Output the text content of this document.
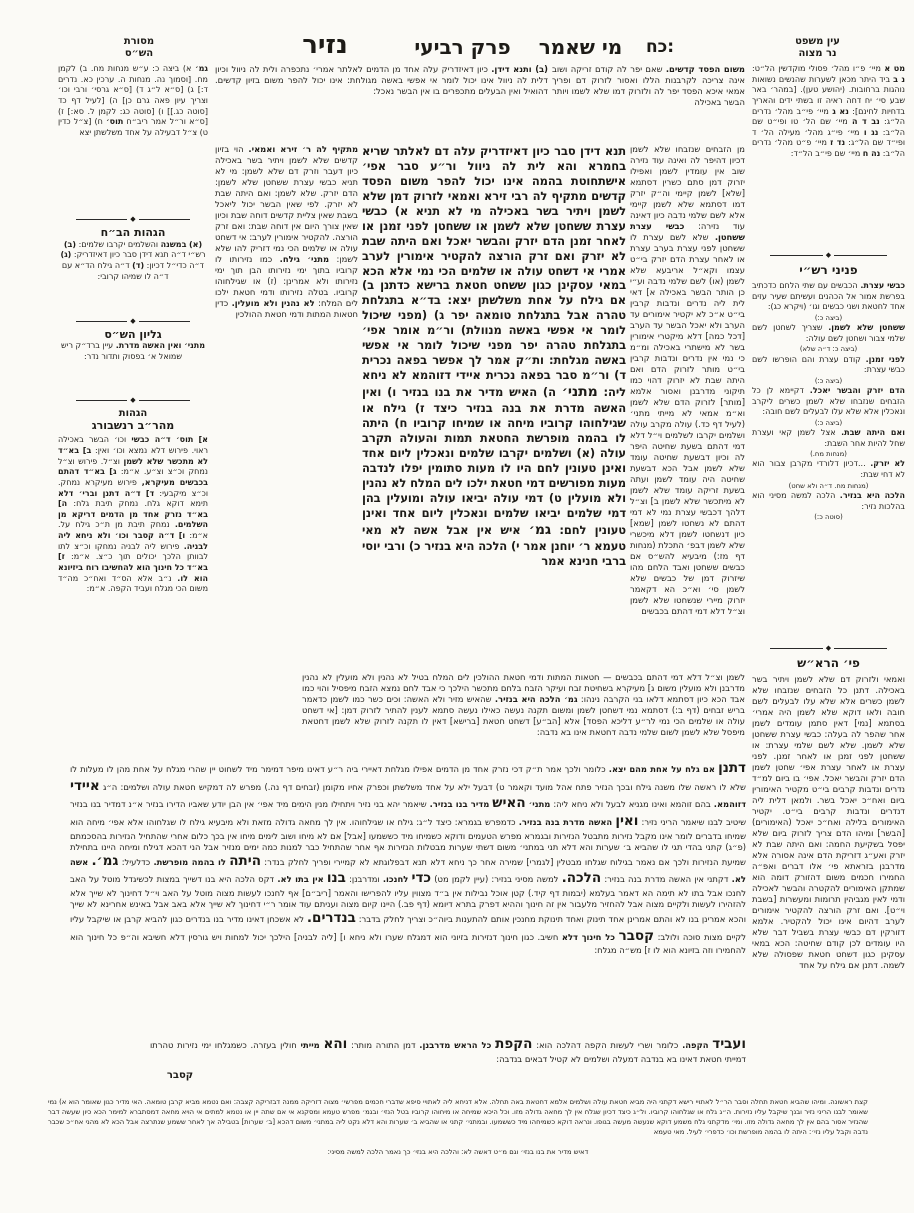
מסורת
הש״ס
עין משפט
נר מצוה
נזיר	פרק רביעי	מי שאמר	כח:
גמ׳ א) ביצה כ: ע״ש מנחות מח. ב) לקמן מח. [וסמוך נה. מנחות ה. ערכין כא. נדרים ד:] ג) [ס״א ל״ג ד) [ס״א גרסי׳ ורבי וכו׳ וצריך עיון פאה גרם כן] ה) [לעיל דף כד [סוטה כג.]] ו) [סוטה כג: לקמן ל. סא:] ז) [ס״א ור״ל אמר ריב״ח תוס׳ ח) [צ״ל כדין ט) צ״ל דבעילה על אחד משלשתן יצא
◆
הגהות הב״ח
(א) במשנה והשלמים יקרבו שלמים: (ב) רש״י ד״ה תנא דידן סבר כיון דאיזדריק: (ג) ד״ה כדי״ל דכיון: (ד) ד״ה גילח הד״א עם ד״ה לו שמיהו קרובי:
◆
גליון הש״ס
מתני׳ ואין האשה מדרת. עיין ברד״ק ריש שמואל א׳ בפסוק ותדור נדר:
◆
הגהות
מהר״ב רנשבורג
א] תוס׳ ד״ה כבשי וכו׳ הבשר באכילה ראוי. פירוש דלא נמצא וכו׳ ואין: ב] בא״ד לא מתכשר שלא לשמן וצ״ל. פירוש וצ״ל נמחק וכ״צ וצ״ע. א״מ: ג] בא״ד דהתם בכבשים מעיקרא, פירוש מעיקרא נמחק. וכ״צ מיקבעי: ד] ד״ה דתנן וברי׳ דלא תימא דוקא גלח. נמחק תיבת גלח: ה] בא״ד נזרק אחד מן הדמים דריקא מן השלמים. נמחק תיבת מן ת״כ גילח על. א״מ: ו] ד״ה קסבר וכו׳ ולא ניחא ליה לבניה. פירוש ליה לבניה נמחקו וכ״צ לתו לבוותן הלכך יכולים תוך כ״צ. א״מ: ז] בא״ד כל חינוך הוא להחשיבו רוח ביזיונא הוא לו. נ״ב אלא הס״ד ואח״כ מה״ד משום הכי מגלח ועביד הקפה. א״מ:
מט א מיי׳ פ״ו מהל׳ פסולי מוקדשין הל״ט: נ ב ביד היתר מכאן לשערות שהנשים נשואות נוהגות ברחובות. (יהושע טען). [במהר׳ באר שבע סי׳ יח דחה ראיה זו בשתי ידים והאריך בדחיות לחינם]: נא ג מיי׳ פי״ב מהל׳ נדרים הל״ג: נב ד ה מיי׳ שם הל׳ טו ופי״ט שם הל״ב: נג ו מיי׳ פי״ג מהל׳ מעילה הל׳ ד ופי״ד שם הל״ג: נד ז מיי׳ פ״ט מהל׳ נדרים הל״ב: נה ח מיי׳ שם פי״ב הל״ד:
◆
פניני רש״י
כבשי עצרת. הכבשים עם שתי הלחם כדכתיב בפרשת אמור אל הכהנים ועשיתם שעיר עזים אחד לחטאת ושני כבשים וגו׳ (ויקרא כג):
(ביצה כ:)
ששחטן שלא לשמן. שצריך לשחטן לשם שלמי צבור ושחטן לשם עולה:
(ביצה כ: ד״ה שלא)
לפני זמנן. קודם עצרת והם הופרשו לשם כבשי עצרת:
(ביצה כ:)
הדם יזרק והבשר יאכל. דקיימא לן כל הזבחים שנזבחו שלא לשמן כשרים ליקרב ונאכלין אלא שלא עלו לבעלים לשם חובה:
(ביצה כ:)
ואם היתה שבת. אצל לשמן קאי ועצרת שחל להיות אחר השבת:
(מנחות מח.)
לא יזרק. ...דכיון דלורדי מקרבן צבור הוא לא דחי שבת:
(מנחות מח. ד״ה ולא שחט)
הלכה היא בנזיר. הלכה למשה מסיני הוא בהלכות נזיר:
(סוטה כ:)
◆
פי׳ הרא״ש
ואמאי ולזרוק דם שלא לשמן ויתיר בשר באכילה. דתנן כל הזבחים שנזבחו שלא לשמן כשרים אלא שלא עלו לבעלים לשם חובה ולאו דוקא שלא לשמן היה אמרי׳ בסתמא [נמי] דאין סתמן עומדים לשמן אחר שהפר לה בעלה: כבשי עצרת ששחטן שלא לשמן. שלא לשם שלמי עצרת: או ששחטן לפני זמנן או לאחר זמנן. לפני עצרת או לאחר עצרת אפי׳ שחטן לשמן הדם יזרק והבשר יאכל. אפי׳ בו ביום למ״ד נדרים ונדבות קרבים בי״ט מקטיר האימורין ביום ואח״כ יאכל בשר. ולמאן דלית ליה דנדרים ונדבות קרבים בי״ט. יקטיר האימורים בלילה ואח״כ יאכל (האימורים) [הבשר] ומיהו הדם צריך לזרוק ביום שלא יפסל בשקיעת החמה: ואם היתה שבת לא יזרק ואע״ג דזריקת הדם אינה אסורה אלא מדרבנן בזראתא פי׳ אלו דברים ואפ״ה החמירו חכמים משום דהזורק דומה הוא שמתקן האימורים להקטרה והבשר לאכילה ודמי לאין מגביהין תרומות ומעשרות [בשבת וי״ט]. ואם זרק הורצה להקטיר אימורים לערב דהיום אינו יכול להקטיר. אלמא דזורקין דם כבשי עצרת בשביל דבר שלא היו עומדים לכן קודם שחיטה: הכא במאי עסקינן כגון דשחט חטאת שפסולה שלא לשמה. דתנן אם גילח על אחד
(ב) ותנא דידן. כיון דאיזדריק עלה אחד מן הדמים לאלתר אמרי׳ נתכפרה ולית לה ניוול וכיון דלית לה ניוול אינו יכול לומר אי אפשי באשה מגולחת: אינו יכול להפר משום בזיון קדשים. דהואיל ואין הבעלים מתכפרים בו אין הבשר נאכל:
משום הפסד קדשים. שאם יפר לה קודם זריקה ושוב אינה צריכה לקרבנות הללו ואסור לזרוק דם ופריך אמאי איכא הפסד יפר לה ולזרוק דמו שלא לשמו ויותר הבשר באכילה
מתקיף לה ר׳ זירא ואמאי. הוי בזיון קדשים שלא לשמן ויתיר בשר באכילה כיון דעבר וזרק דם שלא לשמן: מי לא תניא כבשי עצרת ששחטן שלא לשמן: הדם יזרק. שלא לשמן: ואם היתה שבת לא יזרק. לפי שאין הבשר יכול ליאכל בשבת שאין צליית קדשים דוחה שבת וכיון שאין צורך היום אין דוחה שבת: ואם זרק הורצה. להקטיר אימורין לערב: אי דשחט עולה או שלמים הכי נמי דזריק להו שלא לשמן: מתני׳ גילח. כמו נזירותו לו קרוביו בתוך ימי נזירותו הבן תוך ימי נזירותו ולא אמרינן: (ז) או שגילחוהו קרוביו. בטלה נזירותו ודמי חטאת ילכו לים המלח: לא נהנין ולא מועלין. כדין חטאות המתות ודמי חטאת ההולכין
תנא דידן סבר כיון דאיזדריק עלה דם לאלתר שריא בחמרא והא לית לה ניוול ור״ע סבר אפי׳ אישתחוטת בהמה אינו יכול להפר משום הפסד קדשים מתקיף לה רבי זירא ואמאי לזרוק דמן שלא לשמן ויתיר בשר באכילה מי לא תניא א) כבשי עצרת ששחטן שלא לשמן או ששחטן לפני זמנן או לאחר זמנן הדם יזרק והבשר יאכל ואם היתה שבת לא יזרק ואם זרק הורצה להקטיר אימורין לערב אמרי אי דשחט עולה או שלמים הכי נמי אלא הכא במאי עסקינן כגון ששחט חטאת ברישא כדתנן ב) אם גילח על אחת משלשתן יצא: בד״א בתגלחת טהרה אבל בתגלחת טומאה יפר ג) (מפני שיכול לומר אי אפשי באשה מנוולת) ור״מ אומר אפי׳ בתגלחת טהרה יפר מפני שיכול לומר אי אפשי באשה מגלחת: ות״ק אמר לך אפשר בפאה נכרית ד) ור״מ סבר בפאה נכרית איידי דזוהמא לא ניחא ליה: מתני׳ ה) האיש מדיר את בנו בנזיר ו) ואין האשה מדרת את בנה בנזיר כיצד ז) גילח או שגילחוהו קרוביו מיחה או שמיחו קרוביו ח) היתה לו בהמה מופרשת החטאת תמות והעולה תקרב עולה (א) ושלמים יקרבו שלמים ונאכלין ליום אחד ואינן טעונין לחם היו לו מעות סתומין יפלו לנדבה מעות מפורשים דמי חטאת ילכו לים המלח לא נהנין ולא מועלין ט) דמי עולה יביאו עולה ומועלין בהן דמי שלמים יביאו שלמים ונאכלין ליום אחד ואינן טעונין לחם: גמ׳ איש אין אבל אשה לא מאי טעמא ר׳ יוחנן אמר י) הלכה היא בנזיר כ) ורבי יוסי ברבי חנינא אמר
מן הזבחים שנזבחו שלא לשמן דכיון דהיפר לה ואינה עוד נזירה שוב אין עומדין לשמן ואפילו יזרוק דמן סתם כשרין דסתמא [שלא] לשמן קיימי וה״ק יזרק דמו דסתמא שלא לשמן קיימי אלא לשם שלמי נדבה כיון דאינה עוד נזירה: כבשי עצרת ששחטן. שלא לשם עצרת לו ששחטן לפני עצרת בערב עצרת או לאחר עצרת הדם יזרק בי״ט עצמו וקא״ל אריבעא שלא לשמן (או) לשם שלמי נדבה וע״י כן הותר הבשר באכילה א] דאי לית ליה נדרים ונדבות קרבין בי״ט א״כ לא יקטיר אימורים עד הערב ולא יאכל הבשר עד הערב [דכל כמה] דלא מיקטרי אימורין בשר לא מישתרי באכילה ומ״מ כי נמי אין נדרים ונדבות קרבין בי״ט מותר לזרוק הדם ואם היתה שבת לא יזרוק דהוי כמו תיקוני מדרבנן ואסור אלמא [מותר] לזרוק הדם שלא לשמן וא״מ אמאי לא מייתי מתני׳ (לעיל דף כד.) עולה מקרב עולה ושלמים יקרבו לשלמים וי״ל דלא דמי דהתם בשעת שחיטה היפר לה וכיון דבשעת שחיטה עומד שלא לשמן אבל הכא דבשעת שחיטה היה עומד לשמן ועתה בשעת זריקה עומד שלא לשמן לא מיתכשר שלא לשמן ב] וצ״ל דלהך דכבשי עצרת נמי לא דמי דהתם לא נשחטו לשמן [שמא] כיון דנשחטו לשמן דלא מיכשרי שלא לשמן דבפ׳ התכלת (מנחות דף מז:) מיבעיא להש״ס אם כבשים ששחטן ואבד הלחם מהו שיזרוק דמן של כבשים שלא לשמן סי׳ וא״כ הא דקאמר יזרוק מיירי שנשחטו שלא לשמן וצ״ל דלא דמי דהתם בכבשים
לשמן וצ״ל דלא דמי דהתם בכבשים — חטאות המתות ודמי חטאת ההולכין לים המלח בטיל לא נהנין ולא מועלין לא נהנין מדרבנן ולא מועלין משום ג] מעיקרא בשחיטת זבח ועיקר הזבח בלחם מתכשר הילכך כי אבד לחם נמצא הזבח מיפסיל והוי כמו אבד הכא כיון דסתמא דלאו בני הקרבה נינהו: גמ׳ הלכה היא בנזיר. שהאיש מזיר ולא האשה: וכים כשר כמו לשמן כדאמר בריש זבחים (דף ב:) דסתמא נמי דשחטן לשמן ומשום תקנה נעשה כאילו נעשה סתמא לענין להתיר לזרוק דמן: [אי דשחט עולה או שלמים הכי נמי לר״ע דליכא הפסד] אלא [הב״ע] דשחט חטאת [ברישא] דאין לו תקנה לזרוק שלא לשמן דחטאת מיפסל שלא לשמן לשום שלמי נדבה דחטאת אינו בא נדבה:
דתנן אם גלח על אחת מהם יצא. כלומר ולכך אמר ת״ק דכי נזרק אחד מן הדמים אפילו מגלחת דאיירי ביה ר״ע דאינו מיפר דמימר מיד לשחוט יין שהרי מגלח על אחת מהן לו מעלות לו שלא לו ראשה שלו משנה גילח ובכך הנזיר פתח אהל מועד וקאמר ט) דבעל ילא על אחד משלשתן וכפרק אחיו מקומן (זבחים דף נה.) מפרש לה דמקיש חטאת עולה ושלמים: ה״ג איידי דזוהמא. בהם זוהמא ואינו מגניא לבעל ולא ניחא ליה: מתני׳ האיש מדיר בנו בנזיר. שיאמר יהא בני נזיר ויתחילו מנין הימים מיד אפי׳ אין הבן יודע שאביו הדירו בנזיר א״נ דמדיר בנו בנזיר שיטיב לבנו שיאמר הריני נזיר: ואין האשה מדרת בנה בנזיר. כדמפרש בגמרא: כיצד ל״ג: גילח או שגילחוהו. אין לך מחאה גדולה מזאת ולא מיבעיא גילח לו שגלחוהו אלא אפי׳ מיחה הוא שמיחו בדברים לומר אינו מקבל נזירות מתבטל הנזירות ובגמרא מפרש הטעמים ודוקא כשמיחו מיד כששמעו [אבל] אם לא מיחו ושוב לימים מיחו אין בכך כלום אחרי שהתחיל הנזירות בהסכמתם (פ״ג) קתני בהדי תגי לו שהביא ב׳ שערות והא דלא תני במתני׳ משום דשתי שערות מבטלות הנזירות אף אחר שהתחיל כבר למנות כמה ימים מנזיר אבל הני דהכא דגילח ומיחה היינו בתחילת שמיעת הנזירות ולכך אם נאמר בגילוח שגלחו מבטלין [לגמרי] שמירה אחר כך ניחא דלא תנא דבפלוגתא לא קמיירי ופריך לחלק בנדר: היתה לו בהמה מופרשת. כדלעיל: גמ׳. אשה לא. דקתני אין האשה מדרת בנה בנזיר: הלכה. למשה מסיני בנזיר: (עיין לקמן מט) כדי לחנכו. ומדרבנן: בנו אין בתו לא. דקס הלכה היא בנו דשייך במצות לכשיגדל מוטל על האב לחנכו אבל בתו לא תימה הא דאמר בעלמא (יבמות דף קיד.) קטן אוכל נבילות אין ב״ד מצווין עליו להפרישו והאמר [ריב״ם] אף לחנכו לעשות מצוה מוטל על האב וי״ל דחינוך לא שייך אלא להזהירו לעשות ולקיים מצוה אבל להחזיר מלעבור אין זה חינוך וההיא דפרק בתרא דיומא (דף פב.) היינו קיום מצוה ועניתם עוד אומר ר״י דחינוך לא שייך אלא באב אבל באינש אחרינא לא שייך והכא אמרינן בנו לא והתם אמרינן אחד תינוק ואחד תינוקת מחנכין אותם להתענות ביוה״כ וצריך לחלק בדבר: בנדרים. לא אשכחן דאינו מדיר בנו בנדרים כגון להביא קרבן או שיקבל עליו לקיים מצות סוכה ולולב: קסבר כל חינוך דלא חשיב. כגון חינוך דנזירות בזיוני הוא דמגלח שערו ולא ניחא ו] [ליה לבניה] הילכך יכול למחות ויש גורסין דלא חשיבא וה״פ כל חינוך הוא להחמירו וזה בזיונא הוא לו ז] מש״ה מגלח:
ועביד הקפה. כלומר ושרי לעשות הקפה דהלכה הוא: הקפת כל הראש מדרבנן. דמן התורה מותר: והא מייתי חולין בעזרה. כשמגלחו ימי נזירות טהרתו דמייתי חטאת דאינו בא בנדבה דמעלה ושלמים לא קטיל דבאים בנדבה:
קסבר
קצת ראשונה. ומיהו שהביא חטאת תחלה וסבר הר״ל לאתויי רישא דקתני היה מביא חטאת עולה ושלמים אלמא דחטאת באה תחלה. אלא דניחא ליה לאתויי סיפא שדברי חכמים מפרשי׳ מצוה דזריקה ממנה דבזריקה קצבה: ואם נטמא מביא קרבן טומאה. האי מדיר כגון שאומר הוא א) נמי שאומר לבנו הריני נזיר ובנך שיקבל עליו נזירות. ה״ג גלח או שגלחוהו קרוביו. ול״ג כיצד דכיון שגלח אין לך מחאה גדולה מזו. וכל היכא שמיחה או מיחוהו קרוביו בטל הנזי׳ ובגמ׳ מפרש טעמא ומסקנא אי אם שתה יין או נטמא למתים אי הויא מחאה דמסתברא למימר הכא כיון שעשה דבר שהנזיר אסור בהם אין לך מחאה גדולה מזו. ומי׳ מדקתני גלח משמע דוקא שנעשה מעשה בגופו. ונראה דוקא כשמיחהו מיד כששמעו. ובמתני׳ קתני או שהביא ב׳ שערות והא דלא נקט ליה במתני׳ משום דהכא [ב׳ שערות] בטבילה אך לאחר ששמע שנתרצה אבל הכא לא מהני אח״כ שכבר נדבה וקבל עליו נזי׳: היתה לו בהמה מופרשת וכו׳ כדפרי׳ לעיל. מאי טעמא
דאיש מדיר את בנו בנזי׳ וגם מ״ט דאשה לא: והלכה היא בנזי׳ כך נאמר הלכה למשה מסיני:
